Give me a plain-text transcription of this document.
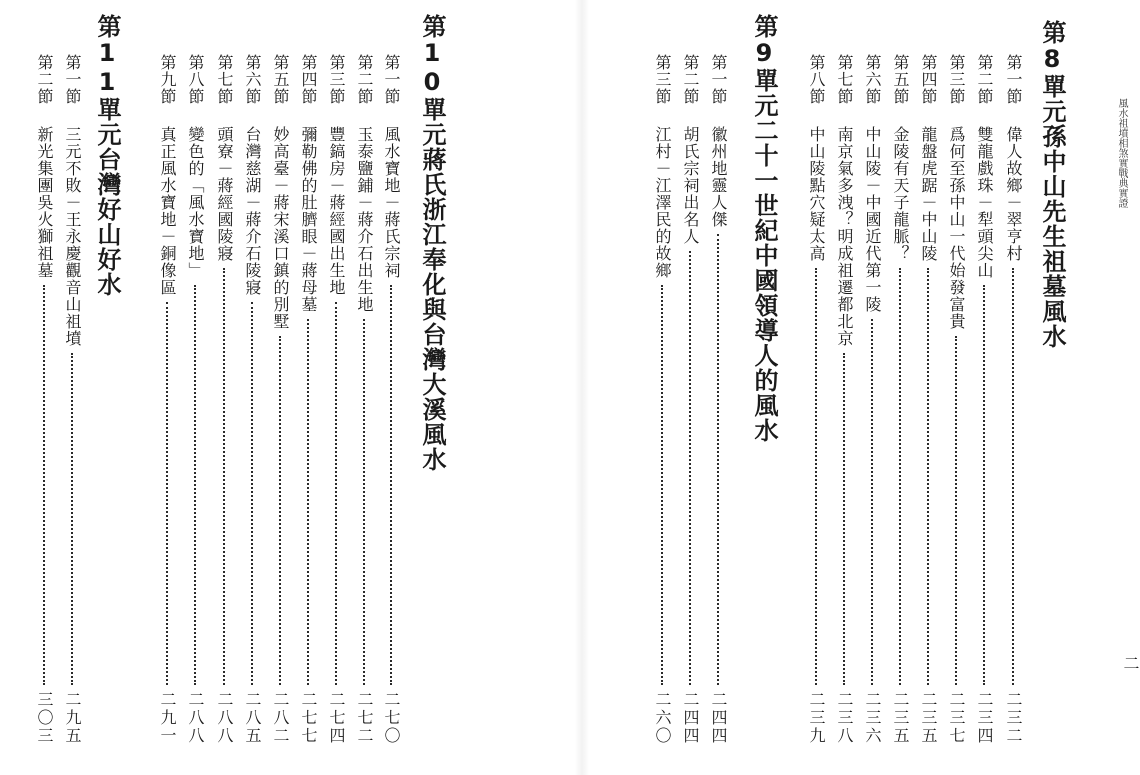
第8單元孫中山先生祖墓風水
第一節
偉人故鄉－翠亨村
二三二
第二節
雙龍戲珠－犁頭尖山
二三四
第三節
爲何至孫中山一代始發富貴
二三七
第四節
龍盤虎踞－中山陵
二三五
第五節
金陵有天子龍脈？
二三五
第六節
中山陵－中國近代第一陵
二三六
第七節
南京氣多洩？明成祖遷都北京
二三八
第八節
中山陵點穴疑太高
二三九
第9單元二十一世紀中國領導人的風水
第一節
徽州地靈人傑
二四四
第二節
胡氏宗祠出名人
二四四
第三節
江村－江澤民的故鄉
二六〇
第10單元蔣氏浙江奉化與台灣大溪風水
第一節
風水寶地－蔣氏宗祠
二七〇
第二節
玉泰鹽鋪－蔣介石出生地
二七二
第三節
豐鎬房－蔣經國出生地
二七四
第四節
彌勒佛的肚臍眼－蔣母墓
二七七
第五節
妙高臺－蔣宋溪口鎮的別墅
二八二
第六節
台灣慈湖－蔣介石陵寢
二八五
第七節
頭寮－蔣經國陵寢
二八八
第八節
變色的「風水寶地」
二八八
第九節
真正風水寶地－銅像區
二九一
第11單元台灣好山好水
第一節
三元不敗－王永慶觀音山祖墳
二九五
第二節
新光集團吳火獅祖墓
三〇三
風水祖墳相煞實戰典實證
二
